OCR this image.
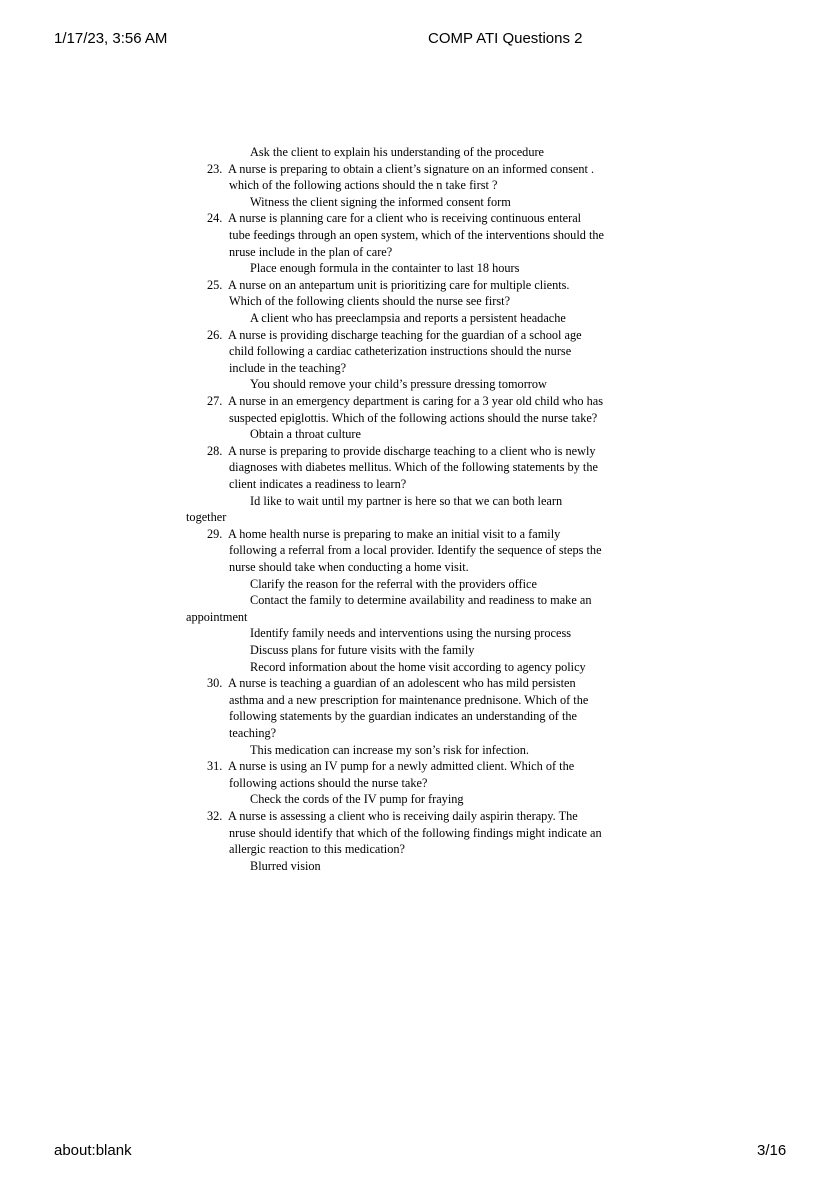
1/17/23, 3:56 AM	COMP ATI Questions 2
Ask the client to explain his understanding of the procedure
23. A nurse is preparing to obtain a client’s signature on an informed consent .
which of the following actions should the n take first ?
Witness the client signing the informed consent form
24. A nurse is planning care for a client who is receiving continuous enteral
tube feedings through an open system, which of the interventions should the
nruse include in the plan of care?
Place enough formula in the containter to last 18 hours
25. A nurse on an antepartum unit is prioritizing care for multiple clients.
Which of the following clients should the nurse see first?
A client who has preeclampsia and reports a persistent headache
26. A nurse is providing discharge teaching for the guardian of a school age
child following a cardiac catheterization instructions should the nurse
include in the teaching?
You should remove your child’s pressure dressing tomorrow
27. A nurse in an emergency department is caring for a 3 year old child who has
suspected epiglottis. Which of the following actions should the nurse take?
Obtain a throat culture
28. A nurse is preparing to provide discharge teaching to a client who is newly
diagnoses with diabetes mellitus. Which of the following statements by the
client indicates a readiness to learn?
Id like to wait until my partner is here so that we can both learn
together
29. A home health nurse is preparing to make an initial visit to a family
following a referral from a local provider. Identify the sequence of steps the
nurse should take when conducting a home visit.
Clarify the reason for the referral with the providers office
Contact the family to determine availability and readiness to make an
appointment
Identify family needs and interventions using the nursing process
Discuss plans for future visits with the family
Record information about the home visit according to agency policy
30. A nurse is teaching a guardian of an adolescent who has mild persisten
asthma and a new prescription for maintenance prednisone. Which of the
following statements by the guardian indicates an understanding of the
teaching?
This medication can increase my son’s risk for infection.
31. A nurse is using an IV pump for a newly admitted client. Which of the
following actions should the nurse take?
Check the cords of the IV pump for fraying
32. A nurse is assessing a client who is receiving daily aspirin therapy. The
nruse should identify that which of the following findings might indicate an
allergic reaction to this medication?
Blurred vision
about:blank	3/16
